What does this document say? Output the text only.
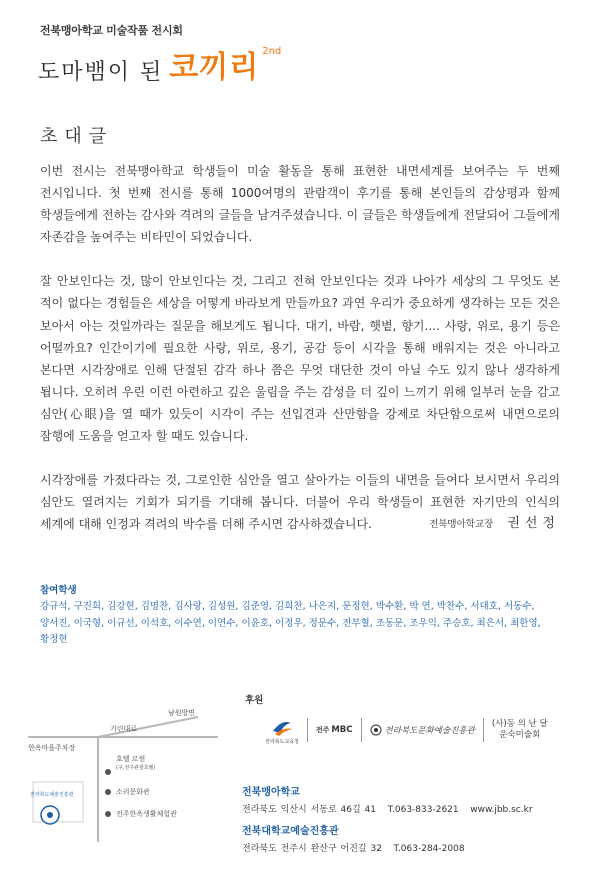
전북맹아학교 미술작품 전시회
도마뱀이 된 코끼리 $^{2nd}$
초대글

이번 전시는 전북맹아학교 학생들이 미술 활동을 통해 표현한 내면세계를 보여주는 두 번째 전시입니다. 첫 번째 전시를 통해 1000여명의 관람객이 후기를 통해 본인들의 감상평과 함께 학생들에게 전하는 감사와 격려의 글들을 남겨주셨습니다. 이 글들은 학생들에게 전달되어 그들에게 자존감을 높여주는 비타민이 되었습니다.

잘 안보인다는 것, 많이 안보인다는 것, 그리고 전혀 안보인다는 것과 나아가 세상의 그 무엇도 본 적이 없다는 경험들은 세상을 어떻게 바라보게 만들까요? 과연 우리가 중요하게 생각하는 모든 것은 보아서 아는 것일까라는 질문을 해보게도 됩니다. 대기, 바람, 햇볕, 향기.... 사랑, 위로, 용기 등은 어떨까요? 인간이기에 필요한 사랑, 위로, 용기, 공감 등이 시각을 통해 배워지는 것은 아니라고 본다면 시각장애로 인해 단절된 감각 하나 쯤은 무엇 대단한 것이 아닐 수도 있지 않나 생각하게 됩니다. 오히려 우린 이런 아련하고 깊은 울림을 주는 감성을 더 깊이 느끼기 위해 일부러 눈을 감고 심안(心眼)을 열 때가 있듯이 시각이 주는 선입견과 산만함을 강제로 차단함으로써 내면으로의 잠행에 도움을 얻고자 할 때도 있습니다.

시각장애를 가졌다라는 것, 그로인한 심안을 열고 살아가는 이들의 내면을 들여다 보시면서 우리의 심안도 열려지는 기회가 되기를 기대해 봅니다. 더불어 우리 학생들이 표현한 자기만의 인식의 세계에 대해 인정과 격려의 박수를 더해 주시면 감사하겠습니다.	전북맹아학교장 권선정
참여학생
강규석, 구진희, 김강현, 김명찬, 김사랑, 김성원, 김준영, 김희찬, 나은지, 문정현, 박수환, 박 연, 박찬수, 서대호, 서동수, 양서진, 이국형, 이규선, 이석호, 이수연, 이연수, 이윤호, 이정우, 정문수, 전부혈, 조동문, 조우익, 주승호, 최은서, 최한영, 황정현
기린대로
남원방면
한옥마을주차장
호텔 르윈
(구,전주관광호텔)
소리문화관
전주한옥생활체험관
전라북도예술진흥관
후원
전라북도교육청
전주 MBC	전라북도문화예술진흥관
(사)동 의 난 달
운숙미술회
전북맹아학교
전라북도 익산시 서동로 46길 41 T.063-833-2621 www.jbb.sc.kr
전북대학교예술진흥관
전라북도 전주시 완산구 어진길 32 T.063-284-2008
